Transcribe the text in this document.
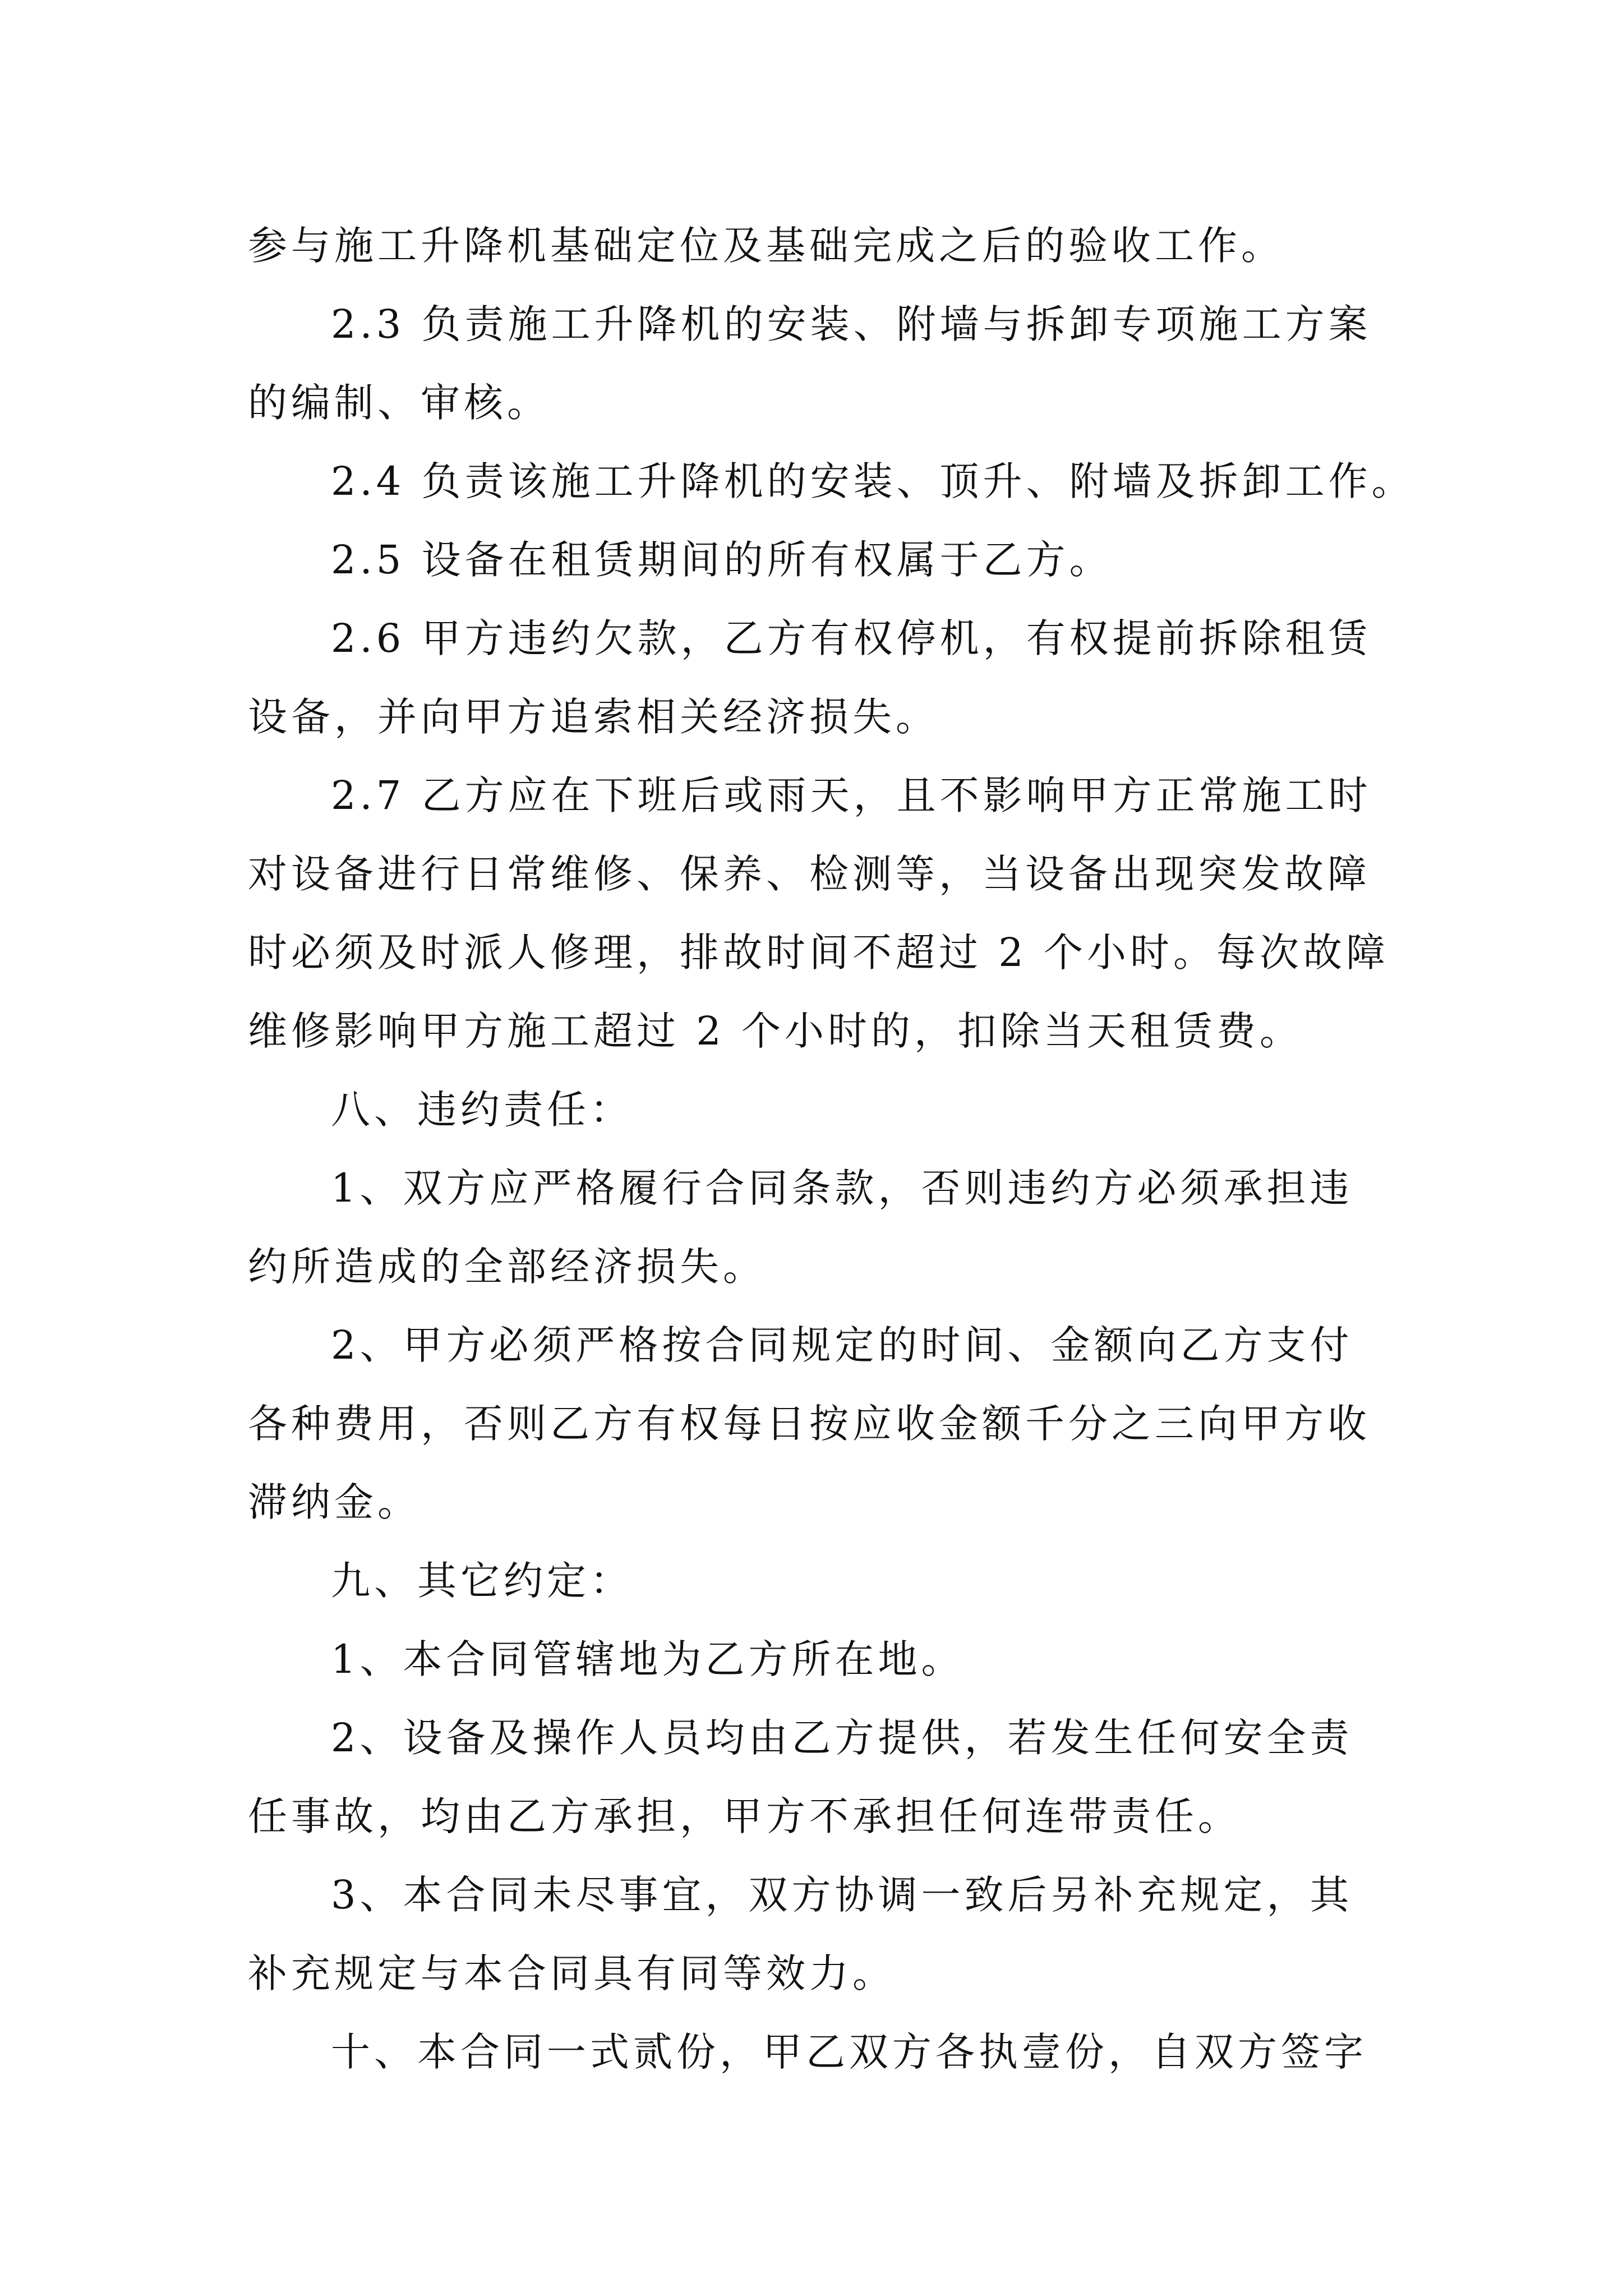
参与施工升降机基础定位及基础完成之后的验收工作。
2.3 负责施工升降机的安装、附墙与拆卸专项施工方案
的编制、审核。
2.4 负责该施工升降机的安装、顶升、附墙及拆卸工作。
2.5 设备在租赁期间的所有权属于乙方。
2.6 甲方违约欠款，乙方有权停机，有权提前拆除租赁
设备，并向甲方追索相关经济损失。
2.7 乙方应在下班后或雨天，且不影响甲方正常施工时
对设备进行日常维修、保养、检测等，当设备出现突发故障
时必须及时派人修理，排故时间不超过 2 个小时。每次故障
维修影响甲方施工超过 2 个小时的，扣除当天租赁费。
八、违约责任：
1、双方应严格履行合同条款，否则违约方必须承担违
约所造成的全部经济损失。
2、甲方必须严格按合同规定的时间、金额向乙方支付
各种费用，否则乙方有权每日按应收金额千分之三向甲方收
滞纳金。
九、其它约定：
1、本合同管辖地为乙方所在地。
2、设备及操作人员均由乙方提供，若发生任何安全责
任事故，均由乙方承担，甲方不承担任何连带责任。
3、本合同未尽事宜，双方协调一致后另补充规定，其
补充规定与本合同具有同等效力。
十、本合同一式贰份，甲乙双方各执壹份，自双方签字
